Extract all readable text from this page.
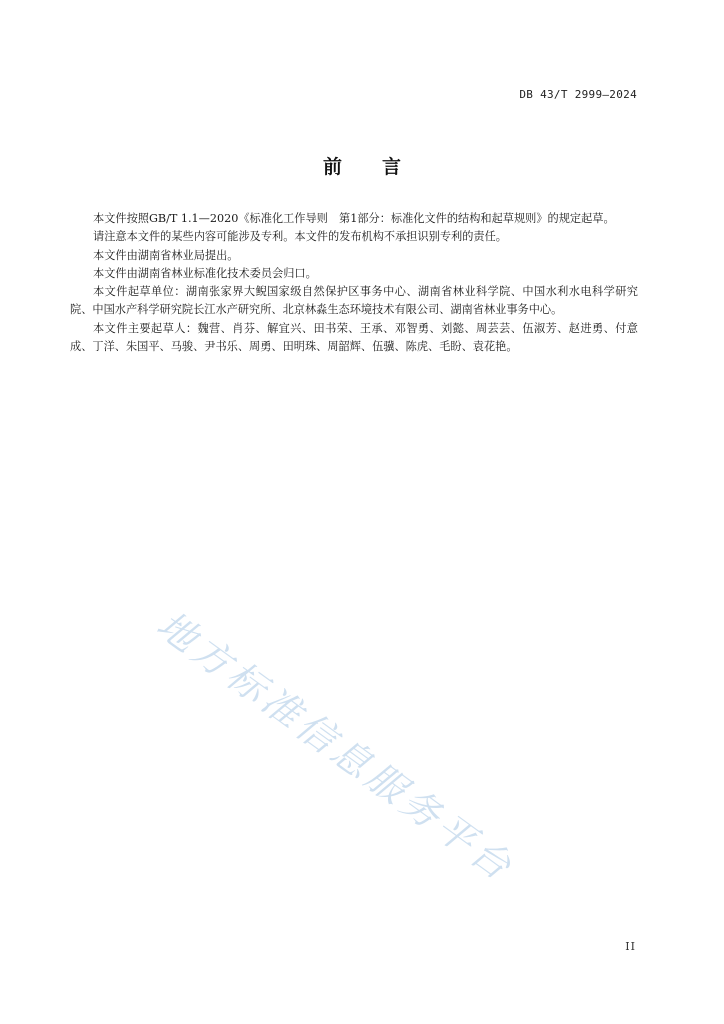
DB 43/T 2999—2024
前言

本文件按照GB/T 1.1—2020《标准化工作导则　第1部分：标准化文件的结构和起草规则》的规定起草。

请注意本文件的某些内容可能涉及专利。本文件的发布机构不承担识别专利的责任。

本文件由湖南省林业局提出。

本文件由湖南省林业标准化技术委员会归口。

本文件起草单位：湖南张家界大鲵国家级自然保护区事务中心、湖南省林业科学院、中国水利水电科学研究院、中国水产科学研究院长江水产研究所、北京林淼生态环境技术有限公司、湖南省林业事务中心。

本文件主要起草人：魏营、肖芬、解宜兴、田书荣、王承、邓智勇、刘懿、周芸芸、伍淑芳、赵进勇、付意成、丁洋、朱国平、马骏、尹书乐、周勇、田明珠、周韶辉、伍骥、陈虎、毛盼、袁花艳。

地方标准信息服务平台
II
